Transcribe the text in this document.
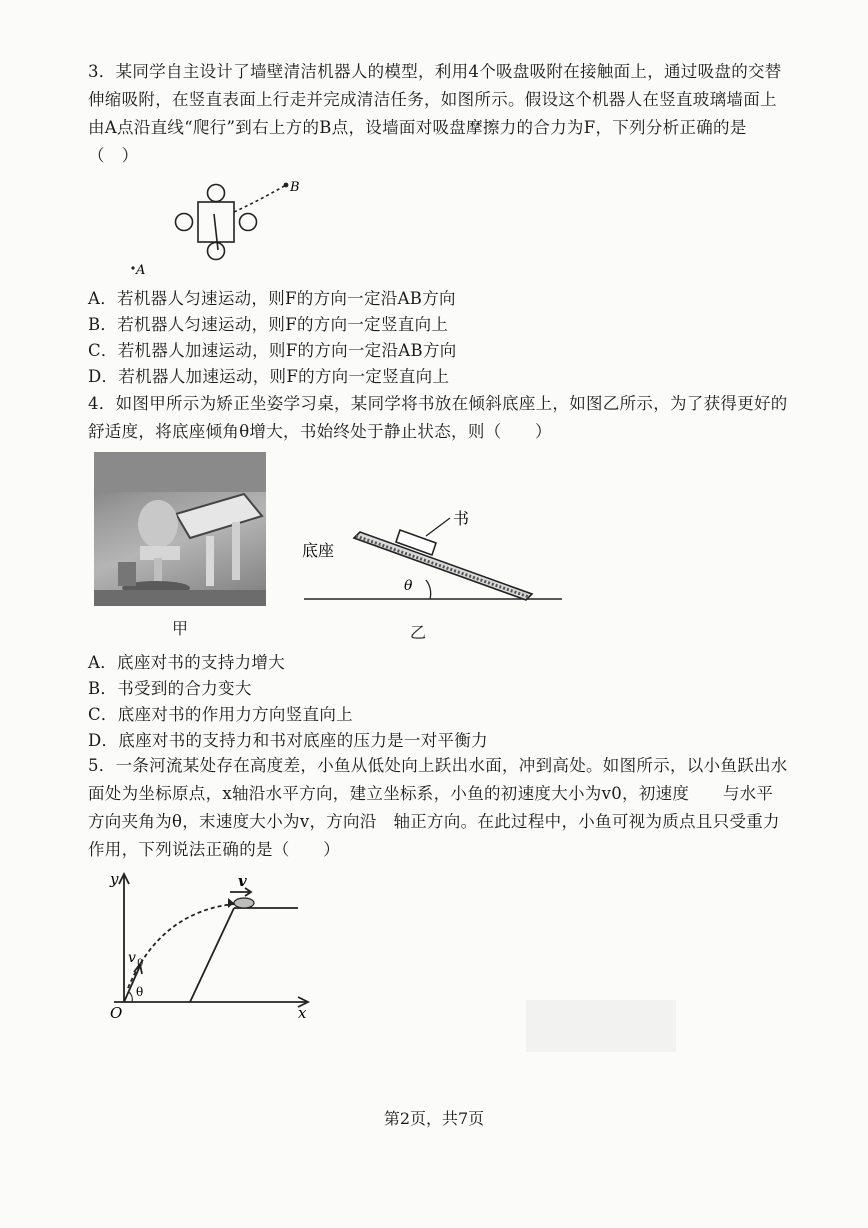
3．某同学自主设计了墙壁清洁机器人的模型，利用4个吸盘吸附在接触面上，通过吸盘的交替伸缩吸附，在竖直表面上行走并完成清洁任务，如图所示。假设这个机器人在竖直玻璃墙面上由A点沿直线“爬行”到右上方的B点，设墙面对吸盘摩擦力的合力为F，下列分析正确的是（　）

B
A

A．若机器人匀速运动，则F的方向一定沿AB方向

B．若机器人匀速运动，则F的方向一定竖直向上

C．若机器人加速运动，则F的方向一定沿AB方向

D．若机器人加速运动，则F的方向一定竖直向上

4．如图甲所示为矫正坐姿学习桌，某同学将书放在倾斜底座上，如图乙所示，为了获得更好的舒适度，将底座倾角θ增大，书始终处于静止状态，则（　　）

甲
书
底座
θ
乙

A．底座对书的支持力增大

B．书受到的合力变大

C．底座对书的作用力方向竖直向上

D．底座对书的支持力和书对底座的压力是一对平衡力

5．一条河流某处存在高度差，小鱼从低处向上跃出水面，冲到高处。如图所示，以小鱼跃出水面处为坐标原点，x轴沿水平方向，建立坐标系，小鱼的初速度大小为v0，初速度　　与水平方向夹角为θ，末速度大小为v，方向沿　轴正方向。在此过程中，小鱼可视为质点且只受重力作用，下列说法正确的是（　　）

y
x
O
v 0
θ
v
第2页，共7页
